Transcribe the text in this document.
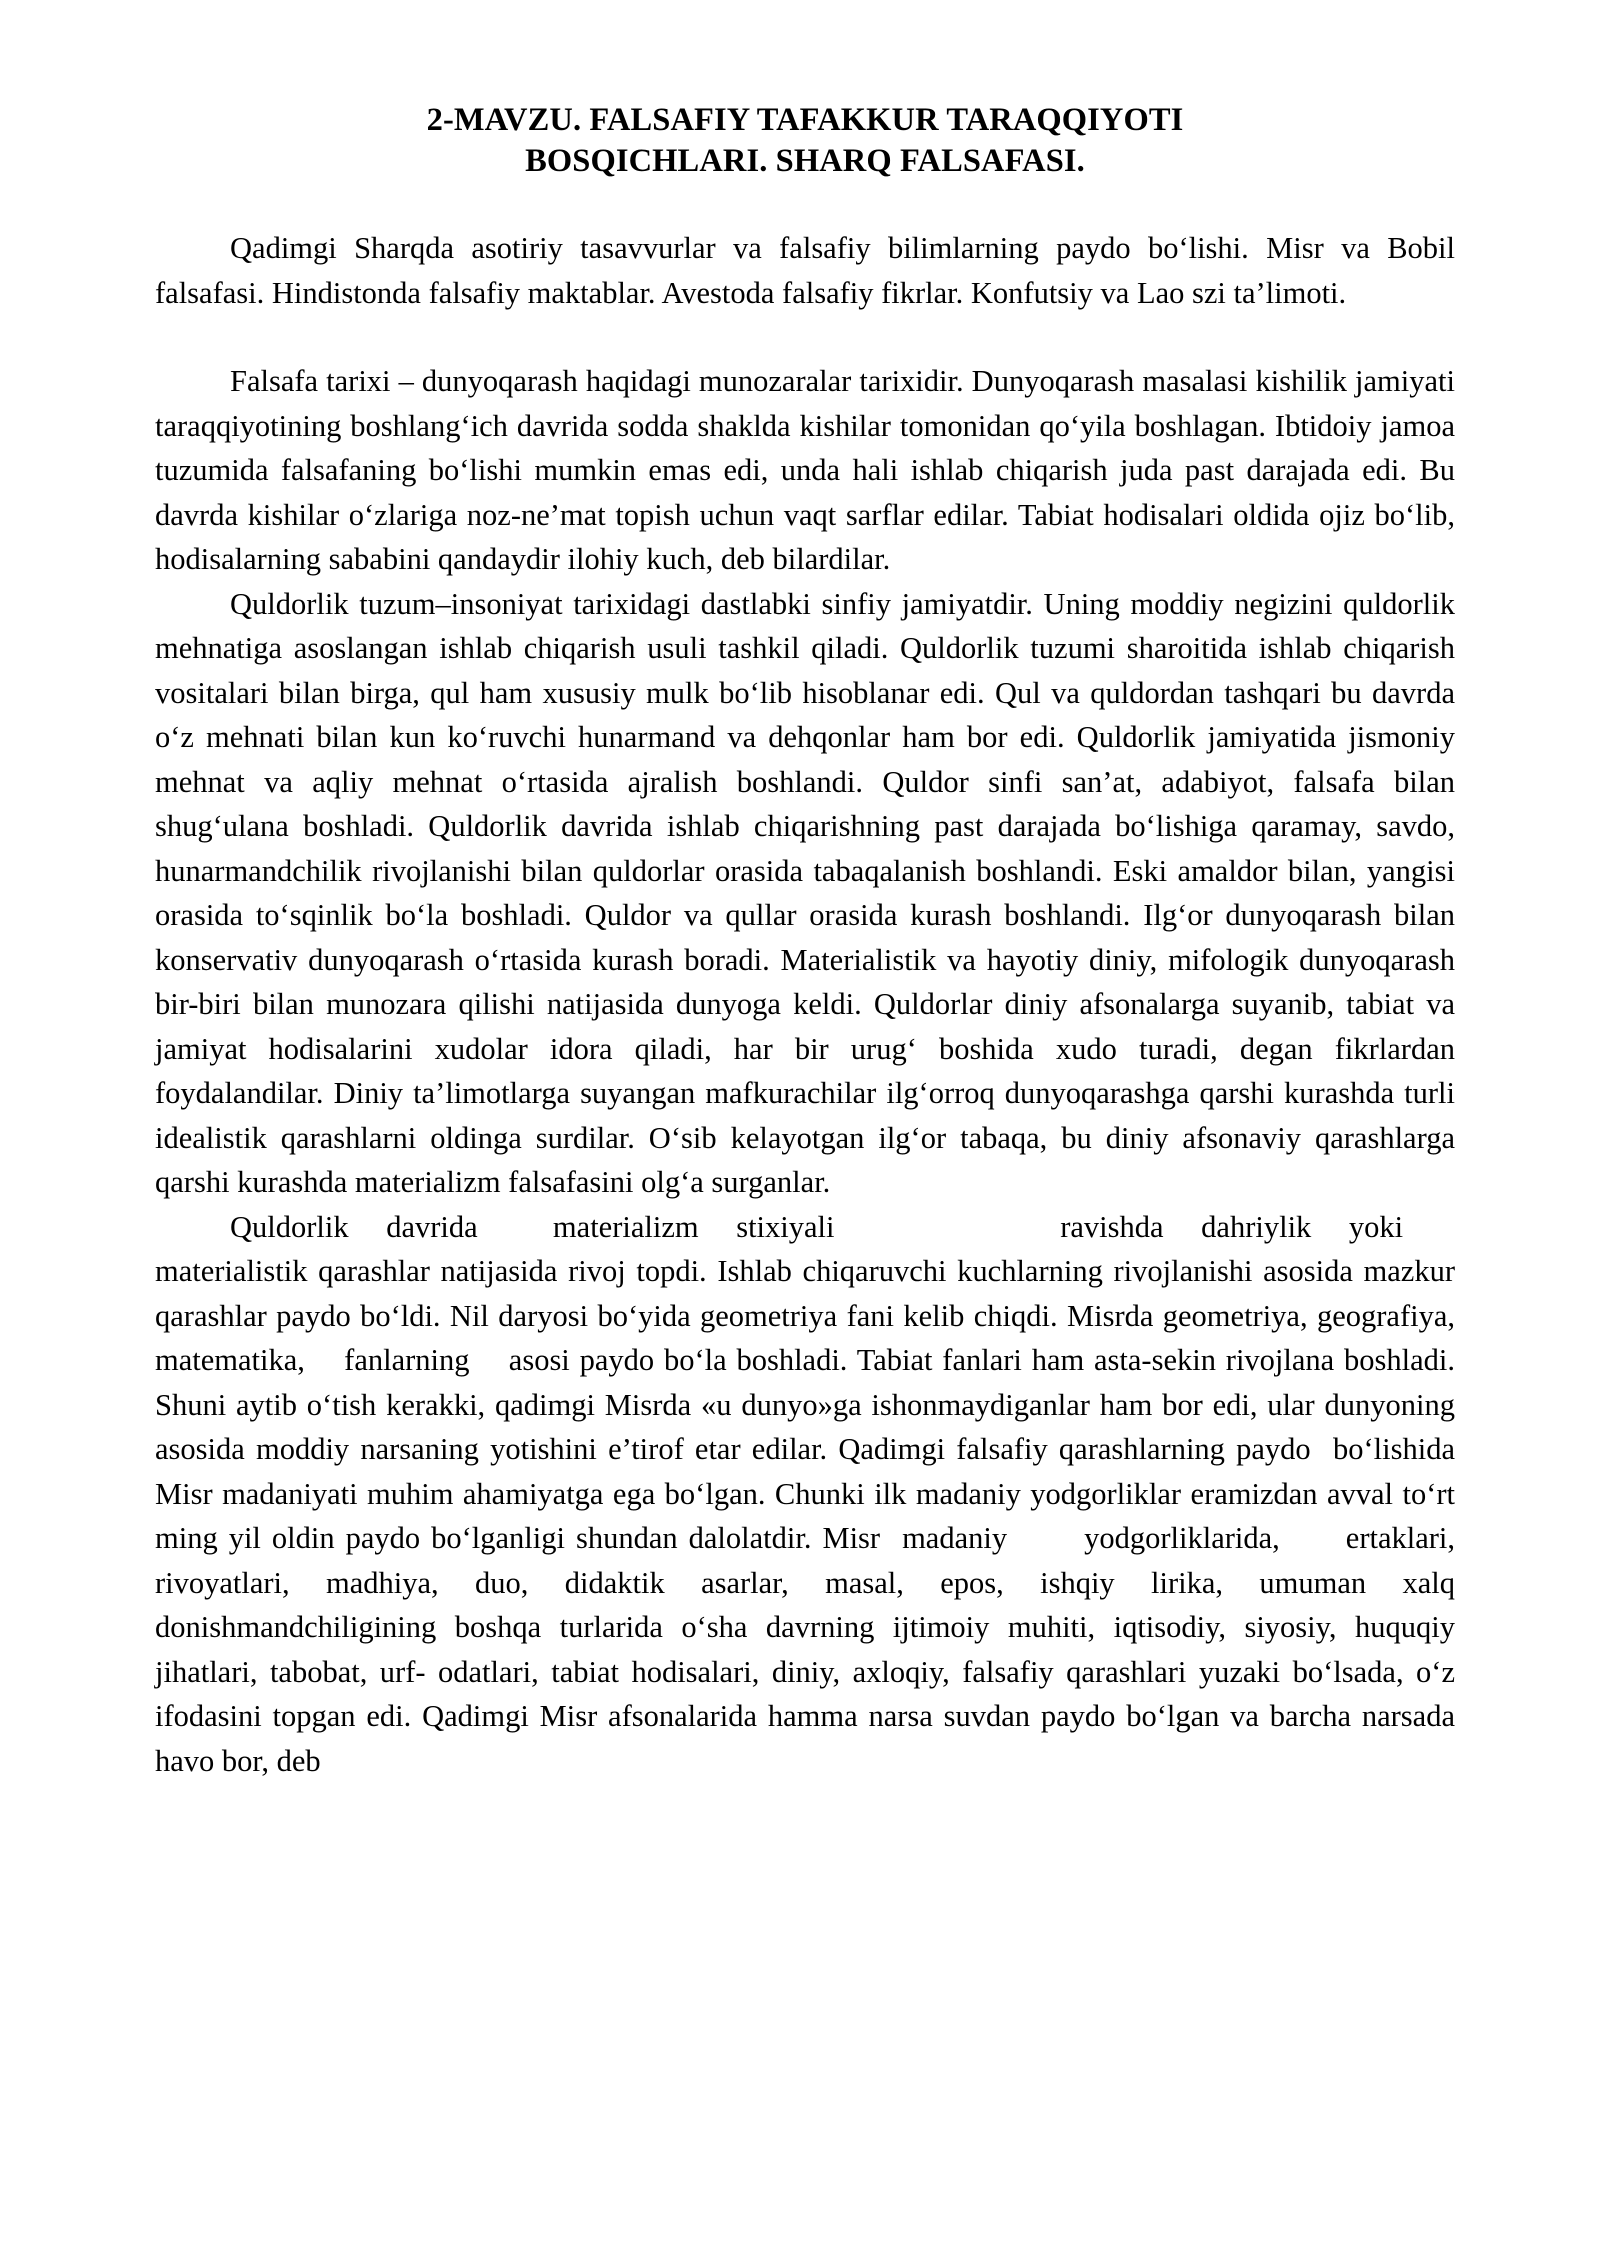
2-MAVZU. FALSAFIY TAFAKKUR TARAQQIYOTI
BOSQICHLARI. SHARQ FALSAFASI.

Qadimgi Sharqda asotiriy tasavvurlar va falsafiy bilimlarning paydo bo‘lishi. Misr va Bobil falsafasi. Hindistonda falsafiy maktablar. Avestoda falsafiy fikrlar. Konfutsiy va Lao szi ta’limoti.

Falsafa tarixi – dunyoqarash haqidagi munozaralar tarixidir. Dunyoqarash masalasi kishilik jamiyati taraqqiyotining boshlang‘ich davrida sodda shaklda kishilar tomonidan qo‘yila boshlagan. Ibtidoiy jamoa tuzumida falsafaning bo‘lishi mumkin emas edi, unda hali ishlab chiqarish juda past darajada edi. Bu davrda kishilar o‘zlariga noz-ne’mat topish uchun vaqt sarflar edilar. Tabiat hodisalari oldida ojiz bo‘lib, hodisalarning sababini qandaydir ilohiy kuch, deb bilardilar.

Quldorlik tuzum–insoniyat tarixidagi dastlabki sinfiy jamiyatdir. Uning moddiy negizini quldorlik mehnatiga asoslangan ishlab chiqarish usuli tashkil qiladi. Quldorlik tuzumi sharoitida ishlab chiqarish vositalari bilan birga, qul ham xususiy mulk bo‘lib hisoblanar edi. Qul va quldordan tashqari bu davrda o‘z mehnati bilan kun ko‘ruvchi hunarmand va dehqonlar ham bor edi. Quldorlik jamiyatida jismoniy mehnat va aqliy mehnat o‘rtasida ajralish boshlandi. Quldor sinfi san’at, adabiyot, falsafa bilan shug‘ulana boshladi. Quldorlik davrida ishlab chiqarishning past darajada bo‘lishiga qaramay, savdo, hunarmandchilik rivojlanishi bilan quldorlar orasida tabaqalanish boshlandi. Eski amaldor bilan, yangisi orasida to‘sqinlik bo‘la boshladi. Quldor va qullar orasida kurash boshlandi. Ilg‘or dunyoqarash bilan konservativ dunyoqarash o‘rtasida kurash boradi. Materialistik va hayotiy diniy, mifologik dunyoqarash bir-biri bilan munozara qilishi natijasida dunyoga keldi. Quldorlar diniy afsonalarga suyanib, tabiat va jamiyat hodisalarini xudolar idora qiladi, har bir urug‘ boshida xudo turadi, degan fikrlardan foydalandilar. Diniy ta’limotlarga suyangan mafkurachilar ilg‘orroq dunyoqarashga qarshi kurashda turli idealistik qarashlarni oldinga surdilar. O‘sib kelayotgan ilg‘or tabaqa, bu diniy afsonaviy qarashlarga qarshi kurashda materializm falsafasini olg‘a surganlar.

Quldorlik davrida  materializm stixiyali      ravishda dahriylik yoki

materialistik qarashlar natijasida rivoj topdi. Ishlab chiqaruvchi kuchlarning rivojlanishi asosida mazkur qarashlar paydo bo‘ldi. Nil daryosi bo‘yida geometriya fani kelib chiqdi. Misrda geometriya, geografiya,  matematika,    fanlarning    asosi paydo bo‘la boshladi. Tabiat fanlari ham asta-sekin rivojlana boshladi. Shuni aytib o‘tish kerakki, qadimgi Misrda «u dunyo»ga ishonmaydiganlar ham bor edi, ular dunyoning asosida moddiy narsaning yotishini e’tirof etar edilar. Qadimgi falsafiy qarashlarning paydo  bo‘lishida Misr madaniyati muhim ahamiyatga ega bo‘lgan. Chunki ilk madaniy yodgorliklar eramizdan avval to‘rt ming yil oldin paydo bo‘lganligi shundan dalolatdir. Misr  madaniy       yodgorliklarida,      ertaklari, rivoyatlari, madhiya, duo, didaktik asarlar, masal, epos, ishqiy lirika, umuman xalq donishmandchiligining boshqa turlarida o‘sha davrning ijtimoiy muhiti, iqtisodiy, siyosiy, huquqiy jihatlari, tabobat, urf- odatlari, tabiat hodisalari, diniy, axloqiy, falsafiy qarashlari yuzaki bo‘lsada, o‘z ifodasini topgan edi. Qadimgi Misr afsonalarida hamma narsa suvdan paydo bo‘lgan va barcha narsada havo bor, deb
